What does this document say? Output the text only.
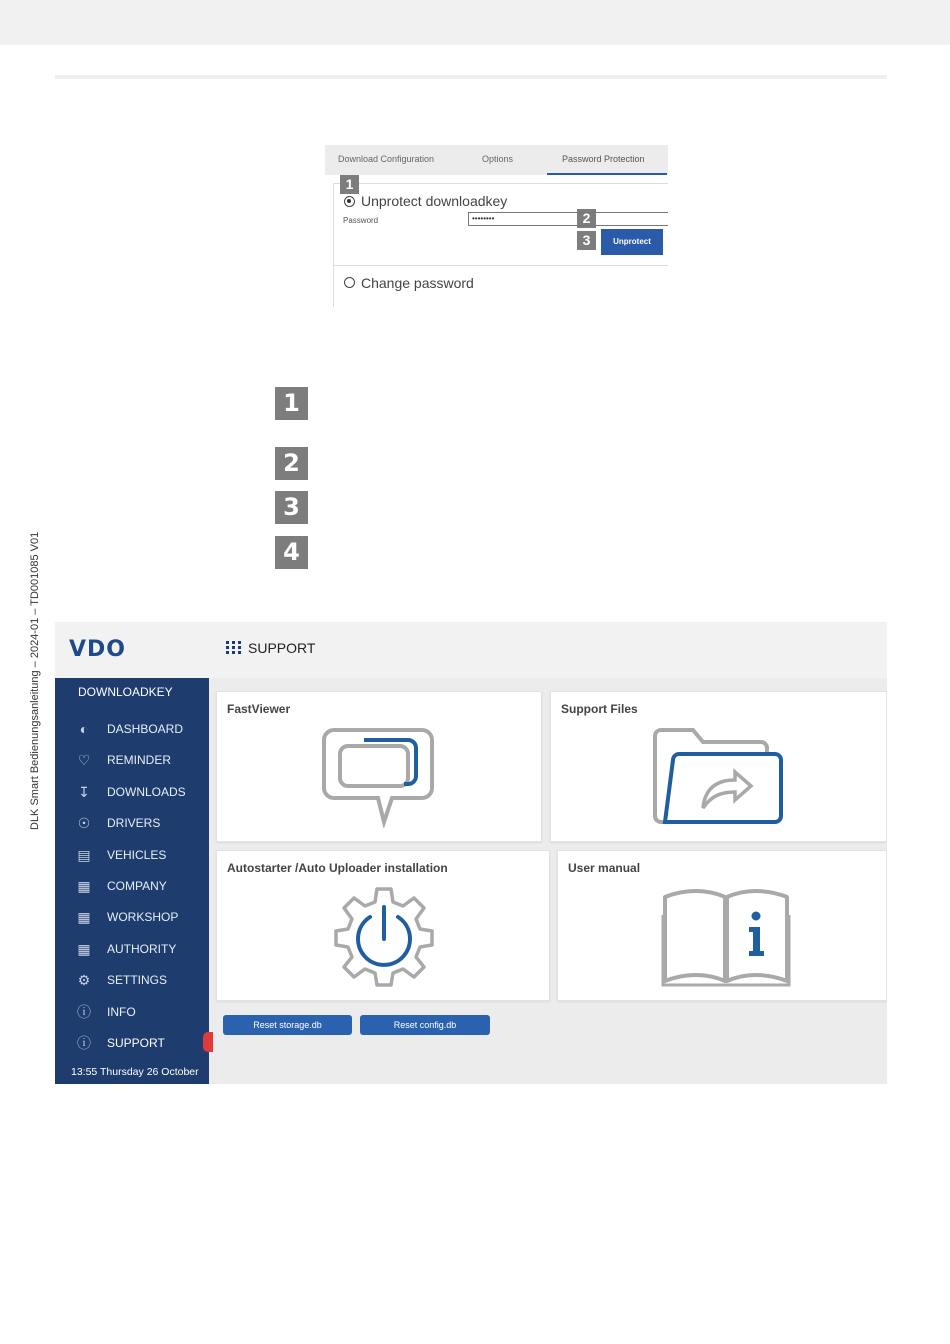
DLK Smart Bedienungsanleitung – 2024-01 – TD001085 V01
Download Configuration	Options	Password Protection
1
2
3
Unprotect downloadkey
Password	••••••••
Unprotect
Change password
1
2
3
4
VDO	SUPPORT
DOWNLOADKEY
◐	DASHBOARD
♡ REMINDER
↧ DOWNLOADS
☉ DRIVERS
▤ VEHICLES
▦ COMPANY
▦ WORKSHOP
▦ AUTHORITY
⚙ SETTINGS
ⓘ INFO
ⓘ SUPPORT
13:55 Thursday 26 October
FastViewer	Support Files
Autostarter /Auto Uploader installation	User manual
Reset storage.db	Reset config.db
